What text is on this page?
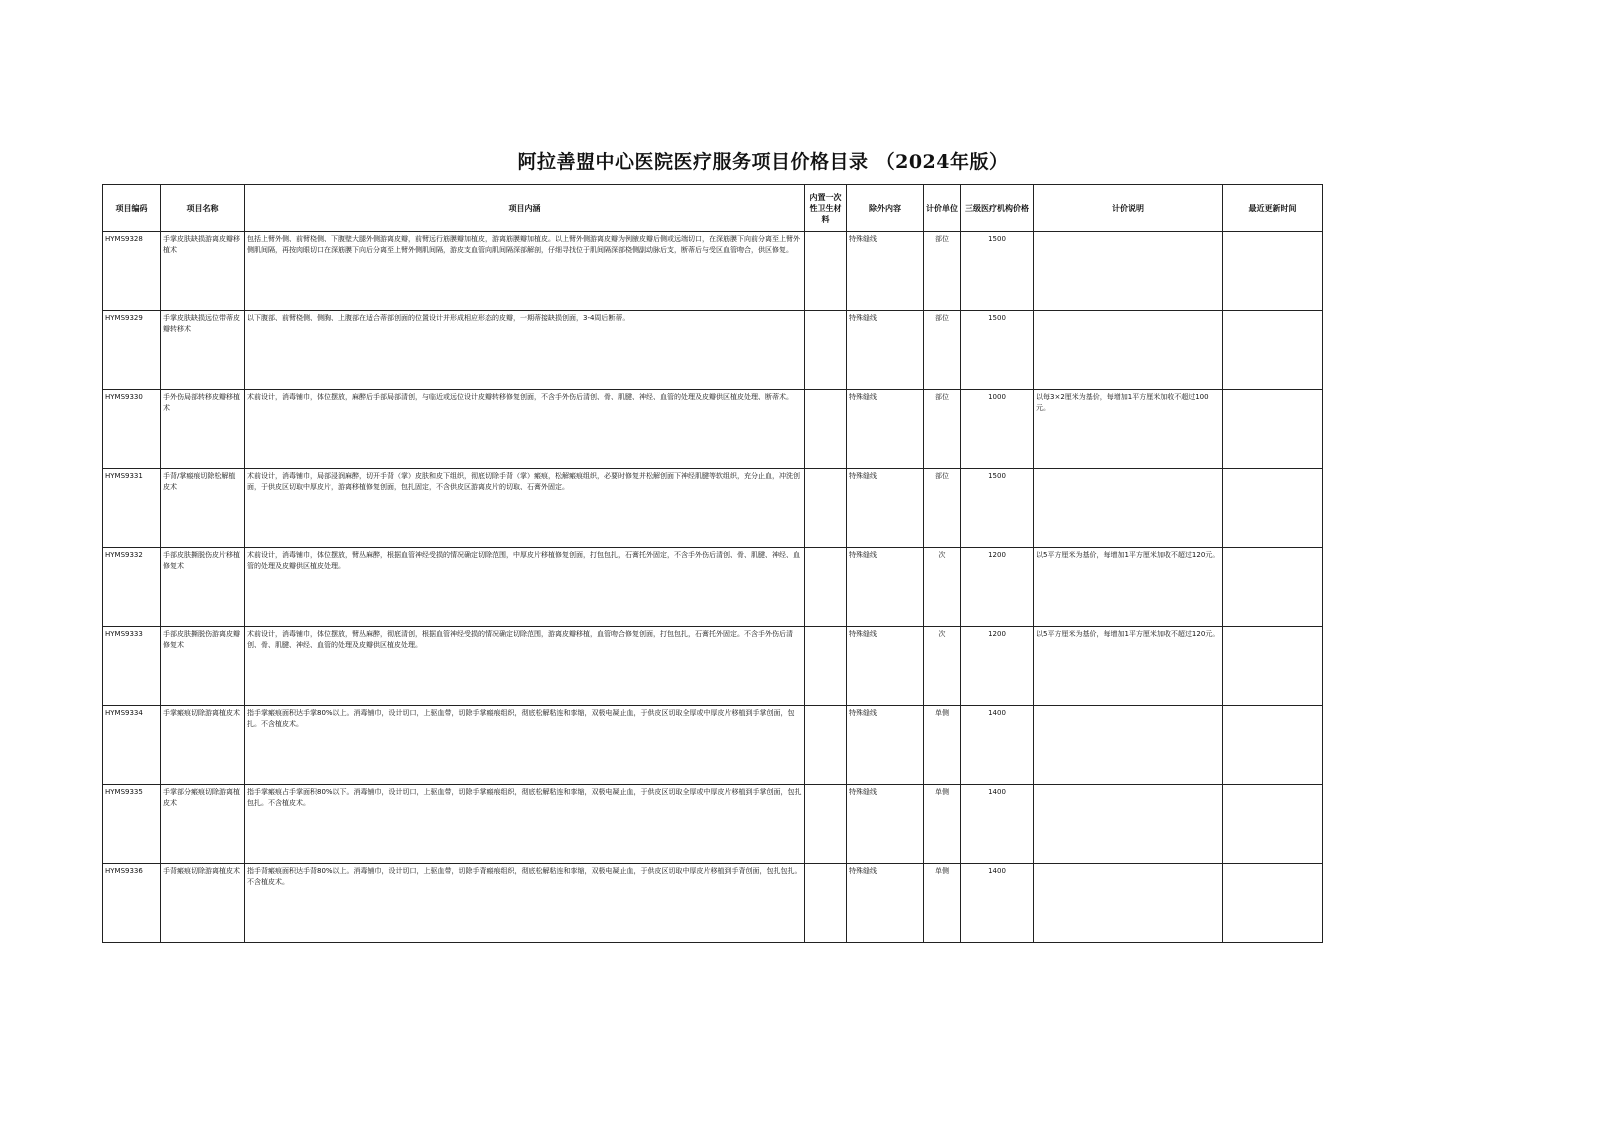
阿拉善盟中心医院医疗服务项目价格目录 （2024年版）
项目编码	项目名称	项目内涵	内置一次性卫生材料	除外内容	计价单位	三级医疗机构价格	计价说明	最近更新时间
HYMS9328	手掌皮肤缺损游离皮瓣移植术	包括上臂外侧、前臂桡侧、下腹壁大腿外侧游离皮瓣，前臂远行筋膜瓣加植皮，游离筋膜瓣加植皮。以上臂外侧游离皮瓣为例腋皮瓣后侧或远端切口，在深筋膜下向前分离至上臂外侧肌间隔，再按肉眼切口在深筋膜下向后分离至上臂外侧肌间隔，游皮支血管向肌间隔深部解剖，仔细寻找位于肌间隔深部桡侧副动脉后支，断蒂后与受区血管吻合，供区修复。		特殊缝线	部位	1500		
HYMS9329	手掌皮肤缺损远位带蒂皮瓣转移术	以下腹部、前臂桡侧、侧胸、上腹部在适合蒂部创面的位置设计并形成相应形态的皮瓣，一期蒂接缺损创面，3-4周后断蒂。		特殊缝线	部位	1500		
HYMS9330	手外伤局部转移皮瓣移植术	术前设计，消毒铺巾，体位摆放，麻醉后手部局部清创，与临近或远位设计皮瓣转移修复创面，不含手外伤后清创、骨、肌腱、神经、血管的处理及皮瓣供区植皮处理、断蒂术。		特殊缝线	部位	1000	以每3×2厘米为基价，每增加1平方厘米加收不超过100元。	
HYMS9331	手背/掌瘢痕切除松解植皮术	术前设计，消毒铺巾，局部浸润麻醉，切开手背（掌）皮肤和皮下组织，彻底切除手背（掌）瘢痕，松解瘢痕组织，必要时修复并松解创面下神经肌腱等软组织，充分止血，冲洗创面，于供皮区切取中厚皮片，游离移植修复创面，包扎固定，不含供皮区游离皮片的切取、石膏外固定。		特殊缝线	部位	1500		
HYMS9332	手部皮肤撕脱伤皮片移植修复术	术前设计，消毒铺巾，体位摆放，臂丛麻醉，根据血管神经受损的情况确定切除范围，中厚皮片移植修复创面，打包包扎，石膏托外固定，不含手外伤后清创、骨、肌腱、神经、血管的处理及皮瓣供区植皮处理。		特殊缝线	次	1200	以5平方厘米为基价，每增加1平方厘米加收不超过120元。	
HYMS9333	手部皮肤撕脱伤游离皮瓣修复术	术前设计，消毒铺巾，体位摆放，臂丛麻醉，彻底清创，根据血管神经受损的情况确定切除范围，游离皮瓣移植，血管吻合修复创面，打包包扎，石膏托外固定。不含手外伤后清创、骨、肌腱、神经、血管的处理及皮瓣供区植皮处理。		特殊缝线	次	1200	以5平方厘米为基价，每增加1平方厘米加收不超过120元。	
HYMS9334	手掌瘢痕切除游离植皮术	指手掌瘢痕面积达手掌80%以上。消毒铺巾，设计切口，上驱血带，切除手掌瘢痕组织，彻底松解粘连和挛缩，双极电凝止血，于供皮区切取全厚或中厚皮片移植到手掌创面，包扎。不含植皮术。		特殊缝线	单侧	1400		
HYMS9335	手掌部分瘢痕切除游离植皮术	指手掌瘢痕占手掌面积80%以下。消毒铺巾，设计切口，上驱血带，切除手掌瘢痕组织，彻底松解粘连和挛缩，双极电凝止血，于供皮区切取全厚或中厚皮片移植到手掌创面，包扎包扎。不含植皮术。		特殊缝线	单侧	1400		
HYMS9336	手背瘢痕切除游离植皮术	指手背瘢痕面积达手背80%以上。消毒铺巾，设计切口，上驱血带，切除手背瘢痕组织，彻底松解粘连和挛缩，双极电凝止血，于供皮区切取中厚皮片移植到手背创面，包扎包扎。不含植皮术。		特殊缝线	单侧	1400		
